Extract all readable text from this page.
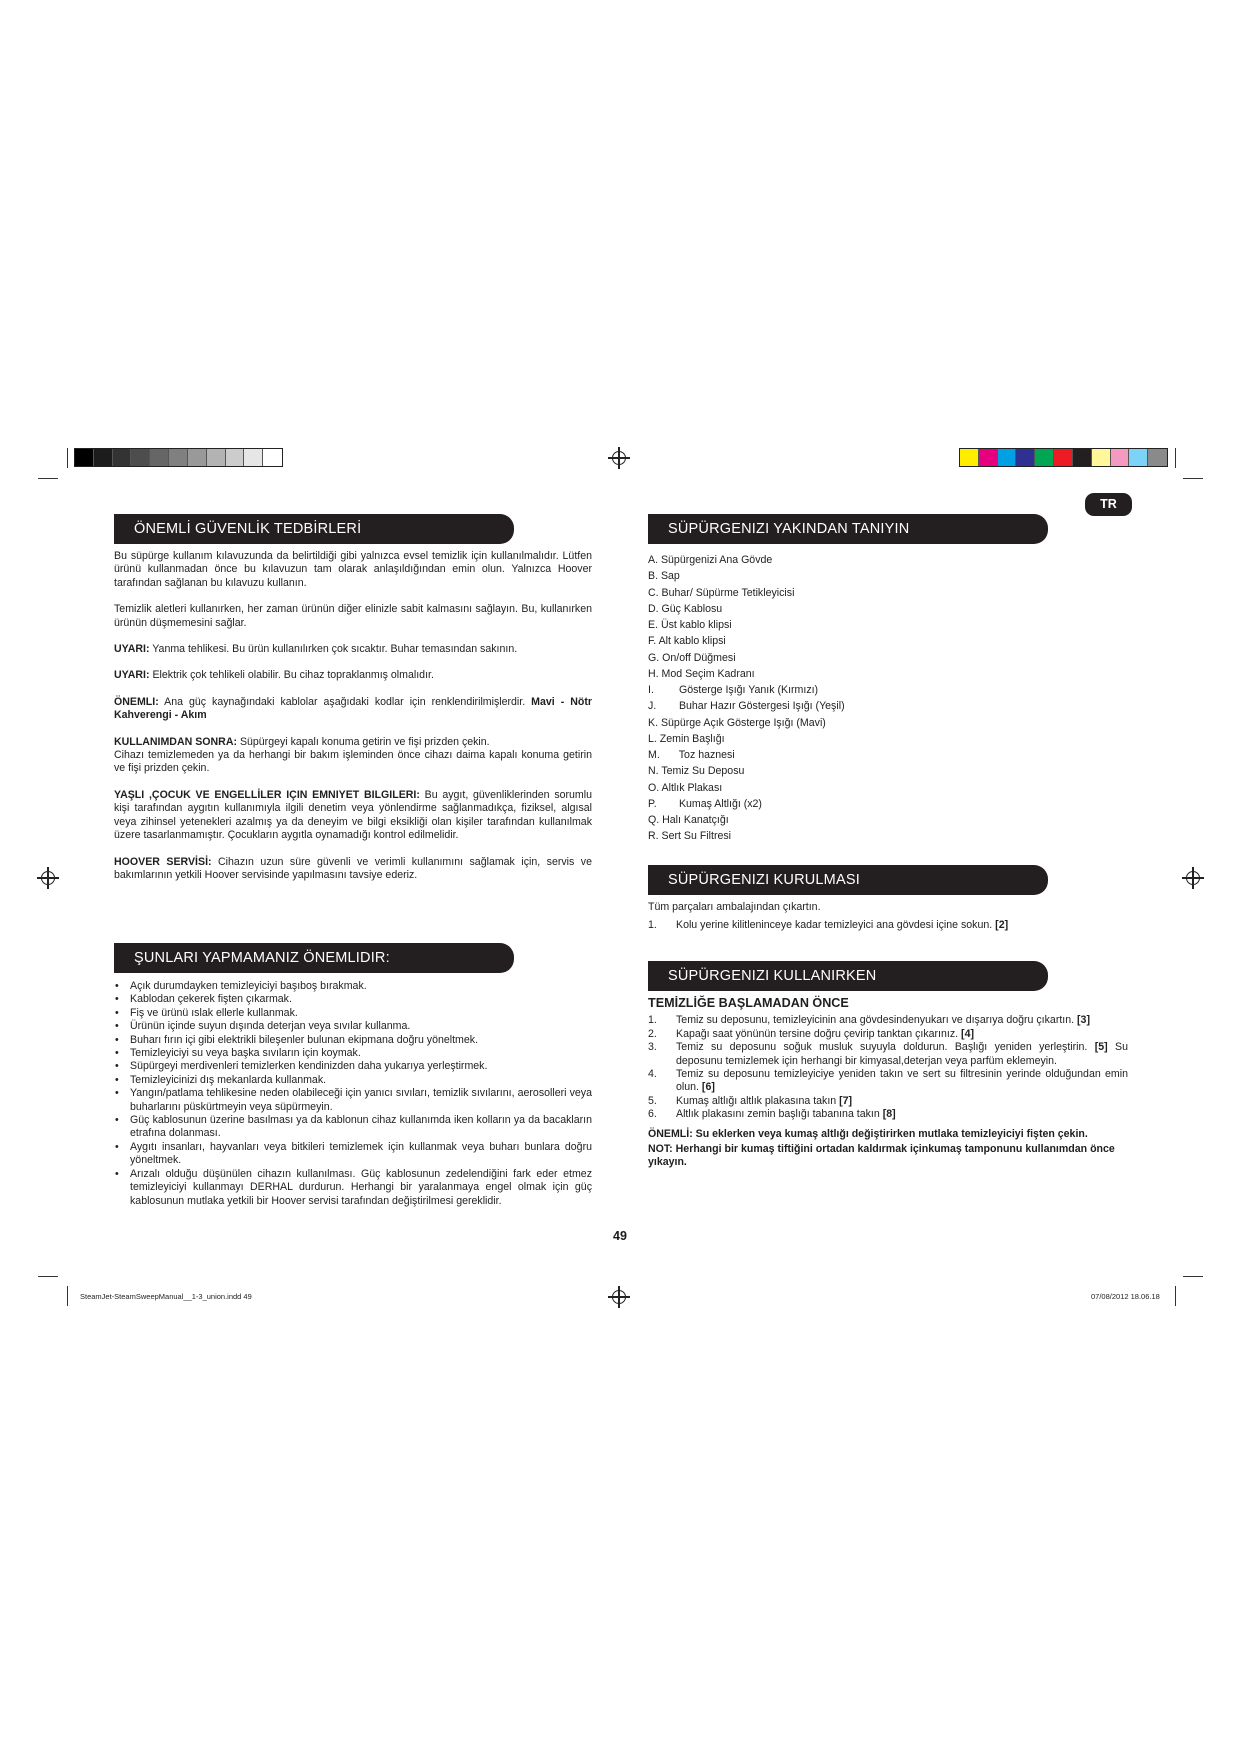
TR
ÖNEMLİ GÜVENLİK TEDBİRLERİ

Bu süpürge kullanım kılavuzunda da belirtildiği gibi yalnızca evsel temizlik için kullanılmalıdır. Lütfen ürünü kullanmadan önce bu kılavuzun tam olarak anlaşıldığından emin olun. Yalnızca Hoover tarafından sağlanan bu kılavuzu kullanın.

Temizlik aletleri kullanırken, her zaman ürünün diğer elinizle sabit kalmasını sağlayın. Bu, kullanırken ürünün düşmemesini sağlar.

UYARI: Yanma tehlikesi. Bu ürün kullanılırken çok sıcaktır. Buhar temasından sakının.

UYARI: Elektrik çok tehlikeli olabilir. Bu cihaz topraklanmış olmalıdır.

ÖNEMLI: Ana güç kaynağındaki kablolar aşağıdaki kodlar için renklendirilmişlerdir. Mavi - Nötr Kahverengi - Akım

KULLANIMDAN SONRA: Süpürgeyi kapalı konuma getirin ve fişi prizden çekin.

Cihazı temizlemeden ya da herhangi bir bakım işleminden önce cihazı daima kapalı konuma getirin ve fişi prizden çekin.

YAŞLI ,ÇOCUK VE ENGELLİLER IÇIN EMNIYET BILGILERI: Bu aygıt, güvenliklerinden sorumlu kişi tarafından aygıtın kullanımıyla ilgili denetim veya yönlendirme sağlanmadıkça, fiziksel, algısal veya zihinsel yetenekleri azalmış ya da deneyim ve bilgi eksikliği olan kişiler tarafından kullanılmak üzere tasarlanmamıştır. Çocukların aygıtla oynamadığı kontrol edilmelidir.

HOOVER SERVİSİ: Cihazın uzun süre güvenli ve verimli kullanımını sağlamak için, servis ve bakımlarının yetkili Hoover servisinde yapılmasını tavsiye ederiz.

ŞUNLARI YAPMAMANIZ ÖNEMLIDIR:
• Açık durumdayken temizleyiciyi başıboş bırakmak.
• Kablodan çekerek fişten çıkarmak.
• Fiş ve ürünü ıslak ellerle kullanmak.
• Ürünün içinde suyun dışında deterjan veya sıvılar kullanma.
• Buharı fırın içi gibi elektrikli bileşenler bulunan ekipmana doğru yöneltmek.
• Temizleyiciyi su veya başka sıvıların için koymak.
• Süpürgeyi merdivenleri temizlerken kendinizden daha yukarıya yerleştirmek.
• Temizleyicinizi dış mekanlarda kullanmak.
• Yangın/patlama tehlikesine neden olabileceği için yanıcı sıvıları, temizlik sıvılarını, aerosolleri veya buharlarını püskürtmeyin veya süpürmeyin.
• Güç kablosunun üzerine basılması ya da kablonun cihaz kullanımda iken kolların ya da bacakların etrafına dolanması.
• Aygıtı insanları, hayvanları veya bitkileri temizlemek için kullanmak veya buharı bunlara doğru yöneltmek.
• Arızalı olduğu düşünülen cihazın kullanılması. Güç kablosunun zedelendiğini fark eder etmez temizleyiciyi kullanmayı DERHAL durdurun. Herhangi bir yaralanmaya engel olmak için güç kablosunun mutlaka yetkili bir Hoover servisi tarafından değiştirilmesi gereklidir.
SÜPÜRGENIZI YAKINDAN TANIYIN
A. Süpürgenizi Ana Gövde
B. Sap
C. Buhar/ Süpürme Tetikleyicisi
D. Güç Kablosu
E. Üst kablo klipsi
F. Alt kablo klipsi
G. On/off Düğmesi
H. Mod Seçim Kadranı
I. Gösterge Işığı Yanık (Kırmızı)
J. Buhar Hazır Göstergesi Işığı (Yeşil)
K. Süpürge Açık Gösterge Işığı (Mavi)
L. Zemin Başlığı
M. Toz haznesi
N. Temiz Su Deposu
O. Altlık Plakası
P. Kumaş Altlığı (x2)
Q. Halı Kanatçığı
R. Sert Su Filtresi
SÜPÜRGENIZI KURULMASI

Tüm parçaları ambalajından çıkartın.

1. Kolu yerine kilitleninceye kadar temizleyici ana gövdesi içine sokun. [2]
SÜPÜRGENIZI KULLANIRKEN

TEMİZLİĞE BAŞLAMADAN ÖNCE

1. Temiz su deposunu, temizleyicinin ana gövdesindenyukarı ve dışarıya doğru çıkartın. [3]
2. Kapağı saat yönünün tersine doğru çevirip tanktan çıkarınız. [4]
3. Temiz su deposunu soğuk musluk suyuyla doldurun. Başlığı yeniden yerleştirin. [5] Su deposunu temizlemek için herhangi bir kimyasal,deterjan veya parfüm eklemeyin.
4. Temiz su deposunu temizleyiciye yeniden takın ve sert su filtresinin yerinde olduğundan emin olun. [6]
5. Kumaş altlığı altlık plakasına takın [7]
6. Altlık plakasını zemin başlığı tabanına takın [8]

ÖNEMLİ: Su eklerken veya kumaş altlığı değiştirirken mutlaka temizleyiciyi fişten çekin.

NOT: Herhangi bir kumaş tiftiğini ortadan kaldırmak içinkumaş tamponunu kullanımdan önce yıkayın.

49
SteamJet-SteamSweepManual__1-3_union.indd 49	07/08/2012 18.06.18
